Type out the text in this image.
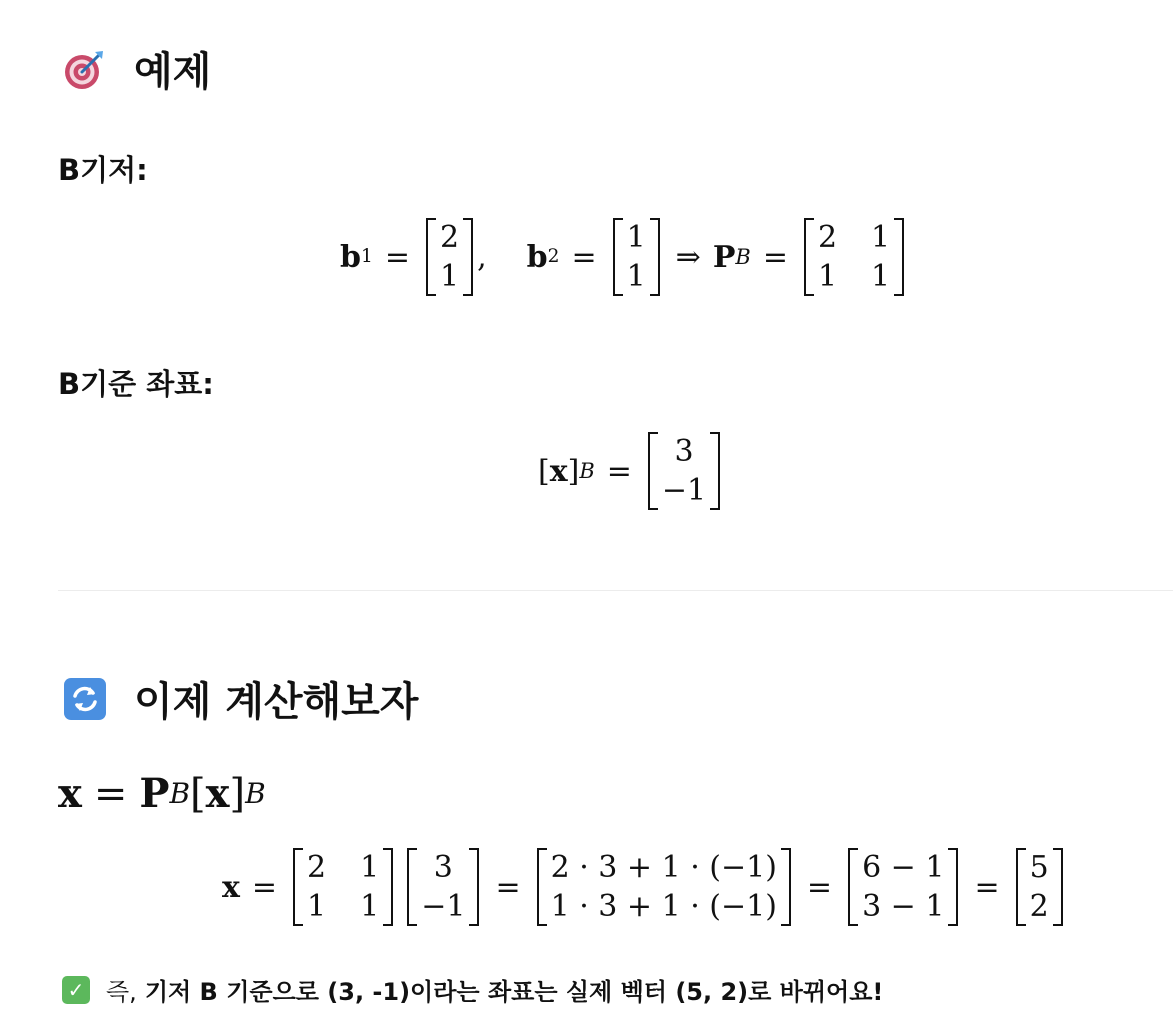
예제
B기저:
b 1 =
2
1
, b 2 =
1
1
⇒ P B =
2 1
1 1
B기준 좌표:
[ x ] B =
3
−1
이제 계산해보자
x = P B [ x ] B
x =
2 1
1 1
3
−1
=
2 · 3 + 1 · (−1)
1 · 3 + 1 · (−1)
=
6 − 1
3 − 1
=
5
2
✓ 즉, 기저 B 기준으로 (3, -1)이라는 좌표는 실제 벡터 (5, 2)로 바뀌어요!
